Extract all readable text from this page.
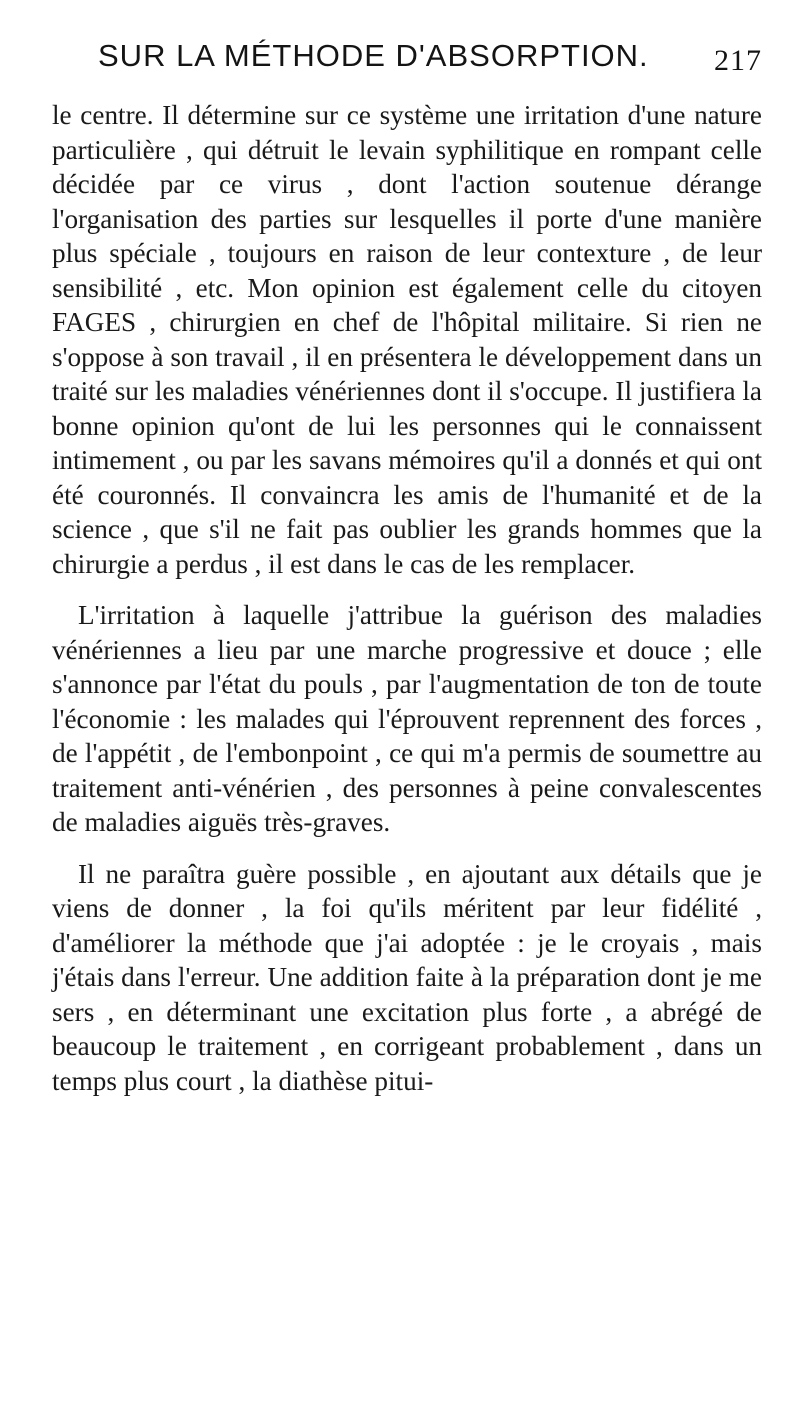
SUR LA MÉTHODE D'ABSORPTION. 217

le centre. Il détermine sur ce système une irritation d'une nature particulière , qui détruit le levain syphilitique en rompant celle décidée par ce virus , dont l'action soutenue dérange l'organisation des parties sur lesquelles il porte d'une manière plus spéciale , toujours en raison de leur contexture , de leur sensibilité , etc. Mon opinion est également celle du citoyen FAGES , chirurgien en chef de l'hôpital militaire. Si rien ne s'oppose à son travail , il en présentera le développement dans un traité sur les maladies vénériennes dont il s'occupe. Il justifiera la bonne opinion qu'ont de lui les personnes qui le connaissent intimement , ou par les savans mémoires qu'il a donnés et qui ont été couronnés. Il convaincra les amis de l'humanité et de la science , que s'il ne fait pas oublier les grands hommes que la chirurgie a perdus , il est dans le cas de les remplacer.

L'irritation à laquelle j'attribue la guérison des maladies vénériennes a lieu par une marche progressive et douce ; elle s'annonce par l'état du pouls , par l'augmentation de ton de toute l'économie : les malades qui l'éprouvent reprennent des forces , de l'appétit , de l'embonpoint , ce qui m'a permis de soumettre au traitement anti-vénérien , des personnes à peine convalescentes de maladies aiguës très-graves.

Il ne paraîtra guère possible , en ajoutant aux détails que je viens de donner , la foi qu'ils méritent par leur fidélité , d'améliorer la méthode que j'ai adoptée : je le croyais , mais j'étais dans l'erreur. Une addition faite à la préparation dont je me sers , en déterminant une excitation plus forte , a abrégé de beaucoup le traitement , en corrigeant probablement , dans un temps plus court , la diathèse pitui-
